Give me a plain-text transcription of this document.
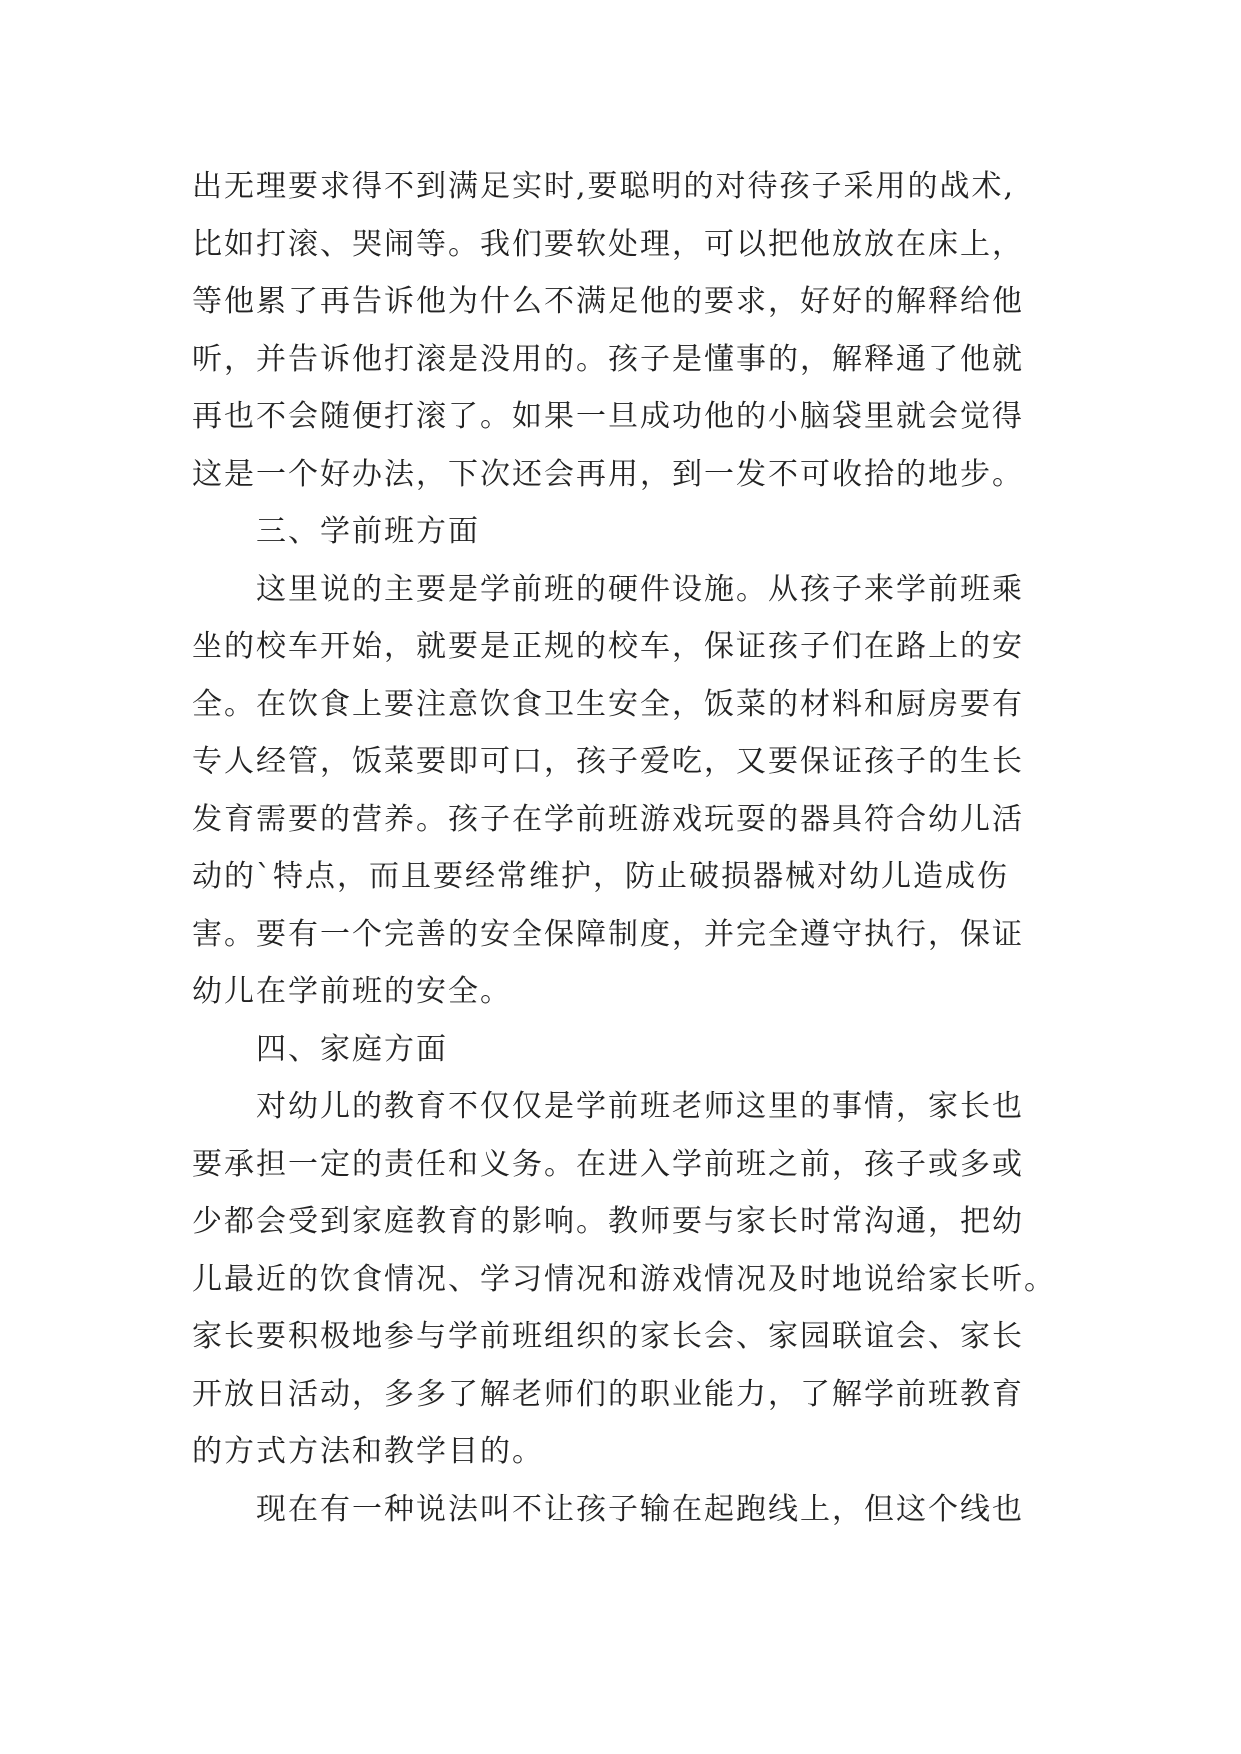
出无理要求得不到满足实时,要聪明的对待孩子采用的战术,
比如打滚、哭闹等。我们要软处理，可以把他放放在床上，
等他累了再告诉他为什么不满足他的要求，好好的解释给他
听，并告诉他打滚是没用的。孩子是懂事的，解释通了他就
再也不会随便打滚了。如果一旦成功他的小脑袋里就会觉得
这是一个好办法，下次还会再用，到一发不可收拾的地步。
三、学前班方面
这里说的主要是学前班的硬件设施。从孩子来学前班乘
坐的校车开始，就要是正规的校车，保证孩子们在路上的安
全。在饮食上要注意饮食卫生安全，饭菜的材料和厨房要有
专人经管，饭菜要即可口，孩子爱吃，又要保证孩子的生长
发育需要的营养。孩子在学前班游戏玩耍的器具符合幼儿活
动的`特点，而且要经常维护，防止破损器械对幼儿造成伤
害。要有一个完善的安全保障制度，并完全遵守执行，保证
幼儿在学前班的安全。
四、家庭方面
对幼儿的教育不仅仅是学前班老师这里的事情，家长也
要承担一定的责任和义务。在进入学前班之前，孩子或多或
少都会受到家庭教育的影响。教师要与家长时常沟通，把幼
儿最近的饮食情况、学习情况和游戏情况及时地说给家长听。
家长要积极地参与学前班组织的家长会、家园联谊会、家长
开放日活动，多多了解老师们的职业能力，了解学前班教育
的方式方法和教学目的。
现在有一种说法叫不让孩子输在起跑线上，但这个线也
